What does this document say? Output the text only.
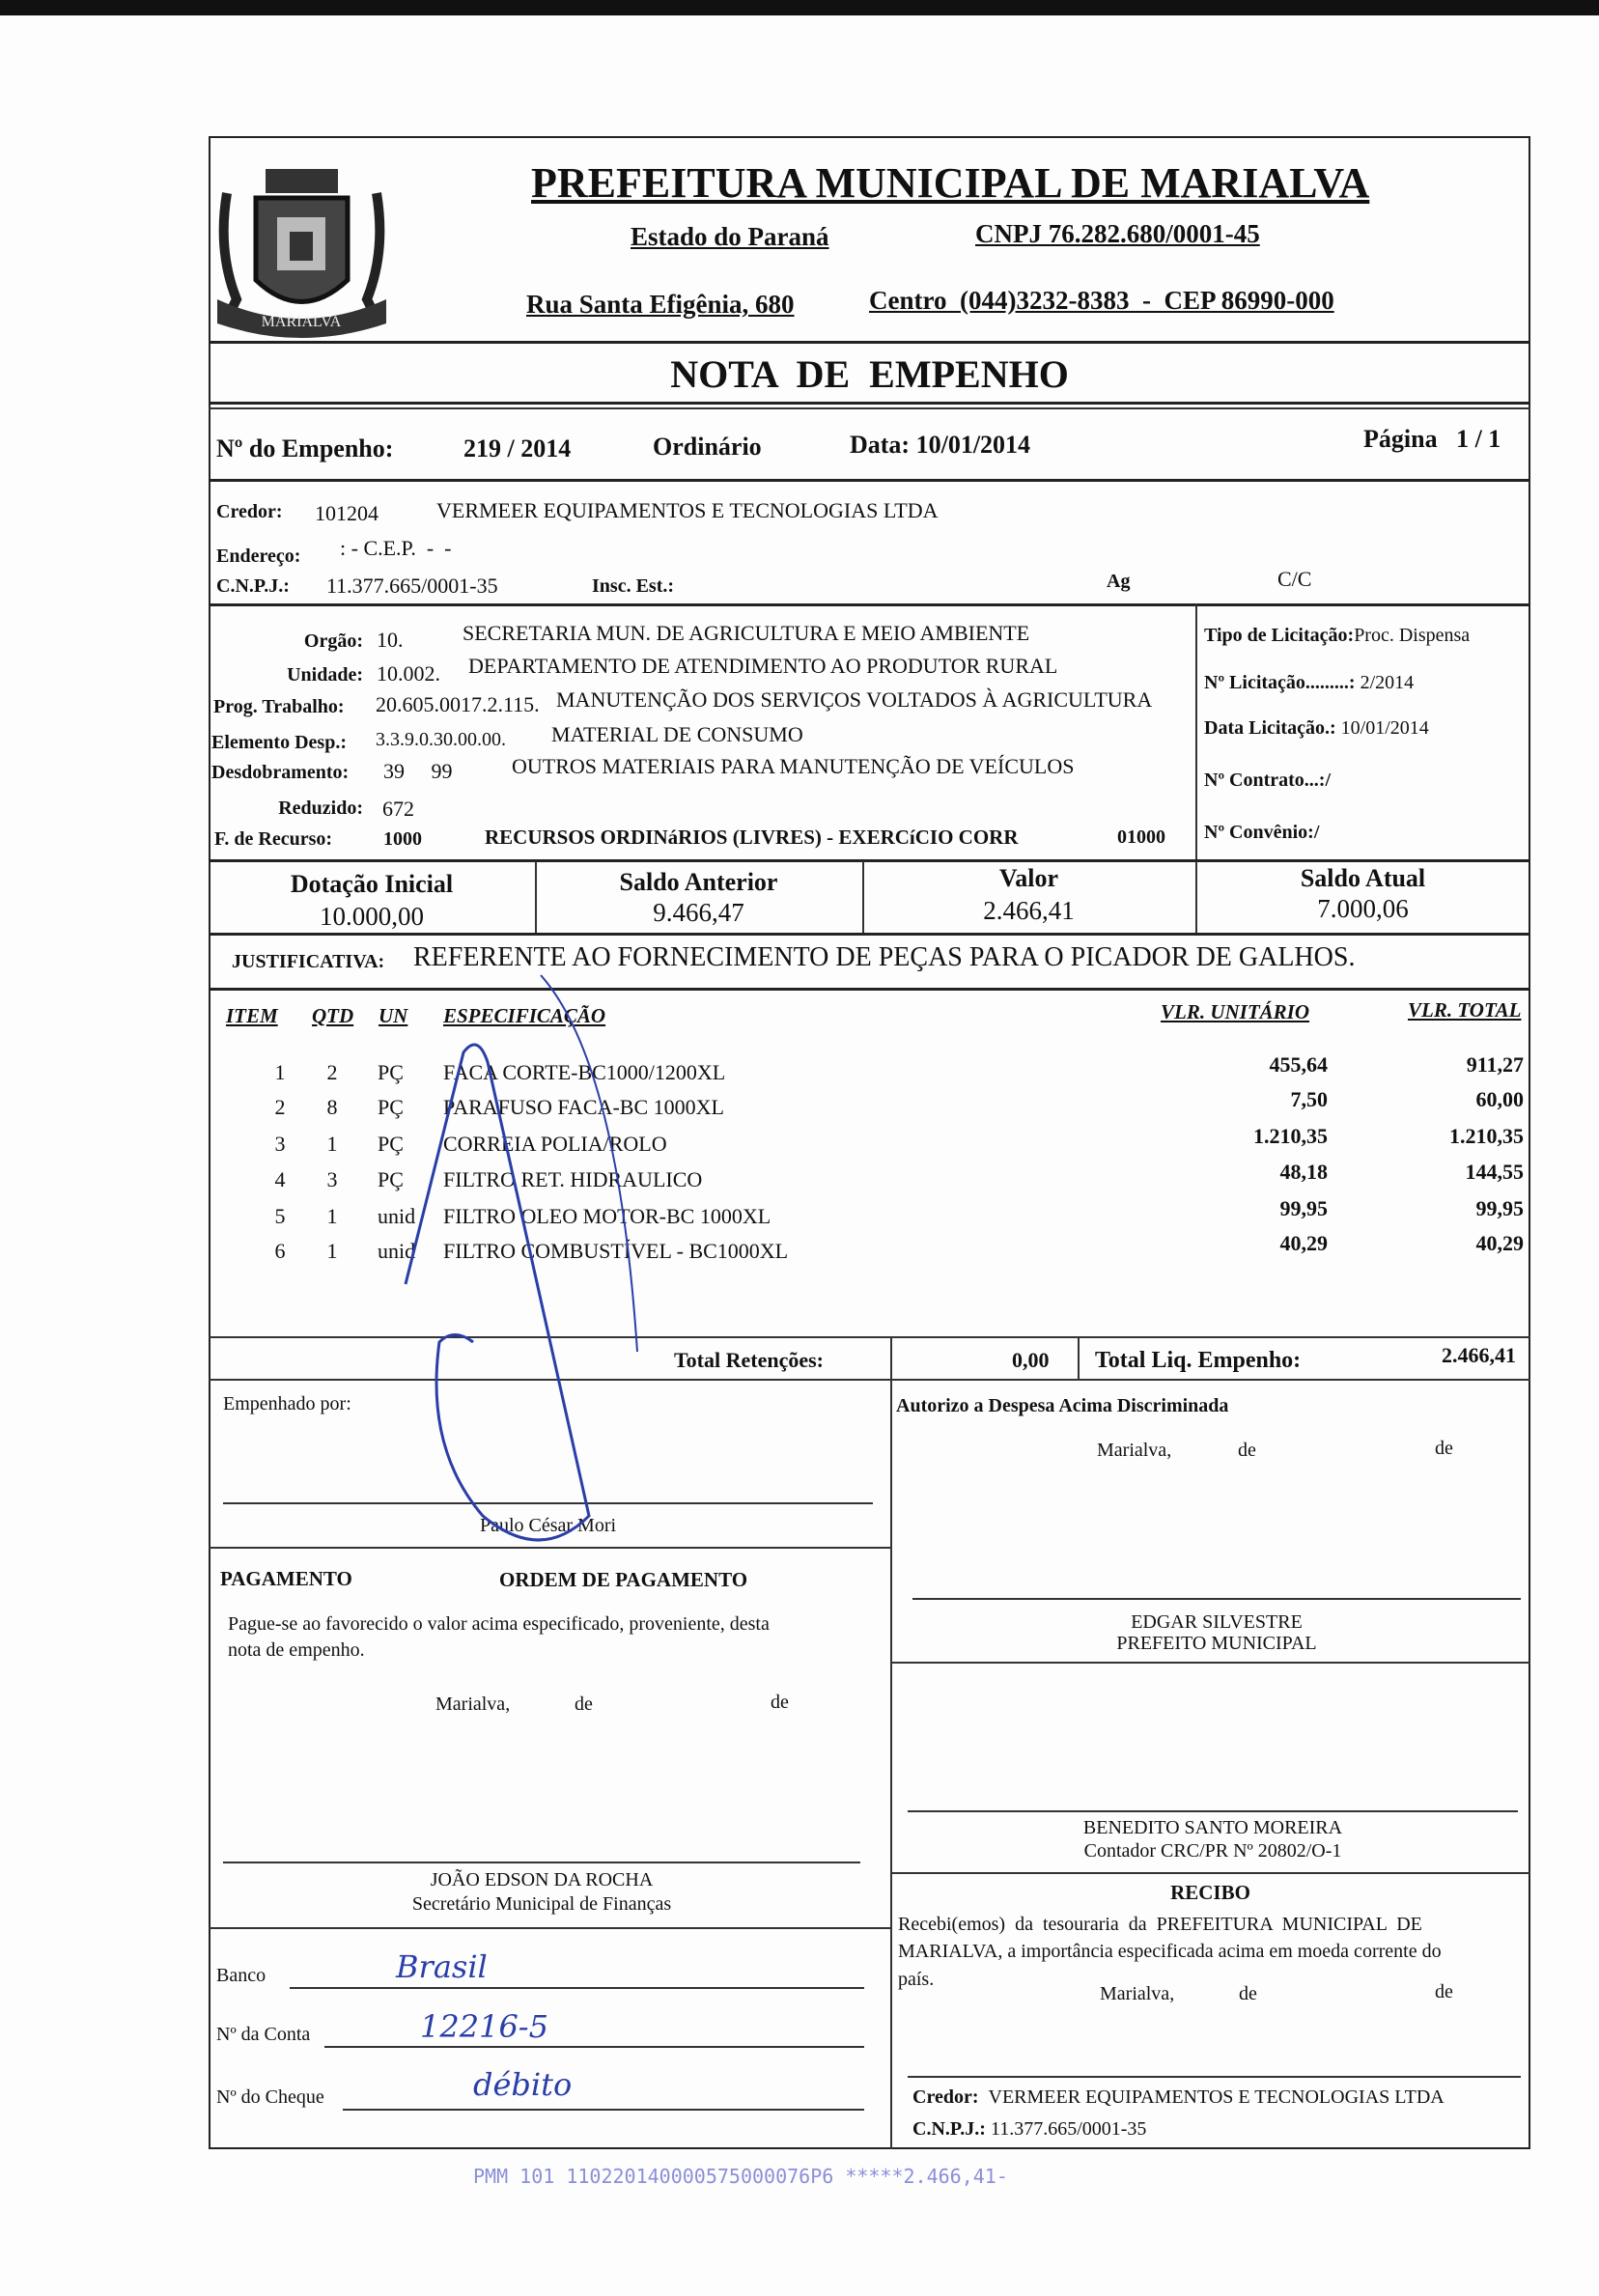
MARIALVA
PREFEITURA MUNICIPAL DE MARIALVA
Estado do Paraná	CNPJ 76.282.680/0001-45
Rua Santa Efigênia, 680	Centro  (044)3232-8383  -  CEP 86990-000
NOTA  DE  EMPENHO
Nº do Empenho:	219 / 2014	Ordinário	Data: 10/01/2014	Página   1 / 1
Credor: 101204	VERMEER EQUIPAMENTOS E TECNOLOGIAS LTDA
Endereço: : - C.E.P.  -  -
C.N.P.J.: 11.377.665/0001-35	Insc. Est.:	Ag	C/C
Orgão: 10.	SECRETARIA MUN. DE AGRICULTURA E MEIO AMBIENTE
Unidade: 10.002. DEPARTAMENTO DE ATENDIMENTO AO PRODUTOR RURAL
Prog. Trabalho: 20.605.0017.2.115. MANUTENÇÃO DOS SERVIÇOS VOLTADOS À AGRICULTURA
Elemento Desp.: 3.3.9.0.30.00.00. MATERIAL DE CONSUMO
Desdobramento: 39     99	OUTROS MATERIAIS PARA MANUTENÇÃO DE VEÍCULOS
Reduzido: 672
F. de Recurso:	1000	RECURSOS ORDINáRIOS (LIVRES) - EXERCíCIO CORR	01000
Tipo de Licitação:Proc. Dispensa
Nº Licitação.........: 2/2014
Data Licitação.: 10/01/2014
Nº Contrato...:/
Nº Convênio:/
Dotação Inicial
10.000,00
Saldo Anterior
9.466,47
Valor
2.466,41
Saldo Atual
7.000,06
JUSTIFICATIVA: REFERENTE AO FORNECIMENTO DE PEÇAS PARA O PICADOR DE GALHOS.
ITEM QTD UN ESPECIFICAÇÃO	VLR. UNITÁRIO	VLR. TOTAL
1 2 PÇ FACA CORTE-BC1000/1200XL	455,64	911,27
2 8 PÇ PARAFUSO FACA-BC 1000XL	7,50	60,00
3 1 PÇ CORREIA POLIA/ROLO	1.210,35	1.210,35
4 3 PÇ FILTRO RET. HIDRAULICO	48,18	144,55
5 1 unid FILTRO OLEO MOTOR-BC 1000XL	99,95	99,95
6 1 unid FILTRO COMBUSTÍVEL - BC1000XL	40,29	40,29
Total Retenções:	0,00 Total Liq. Empenho:	2.466,41
Empenhado por:
Paulo César Mori
Autorizo a Despesa Acima Discriminada
Marialva,	de	de
EDGAR SILVESTRE
PREFEITO MUNICIPAL
PAGAMENTO	ORDEM DE PAGAMENTO
Pague-se ao favorecido o valor acima especificado, proveniente, desta
nota de empenho.
Marialva,	de	de
JOÃO EDSON DA ROCHA
Secretário Municipal de Finanças
BENEDITO SANTO MOREIRA
Contador CRC/PR Nº 20802/O-1
RECIBO
Recebi(emos)  da  tesouraria  da  PREFEITURA  MUNICIPAL  DE
MARIALVA, a importância especificada acima em moeda corrente do
país.
Marialva,	de	de
Credor: VERMEER EQUIPAMENTOS E TECNOLOGIAS LTDA
C.N.P.J.: 11.377.665/0001-35
Banco	Brasil
Nº da Conta	12216-5
Nº do Cheque	débito
PMM 101 110220140000575000076P6 *****2.466,41-
